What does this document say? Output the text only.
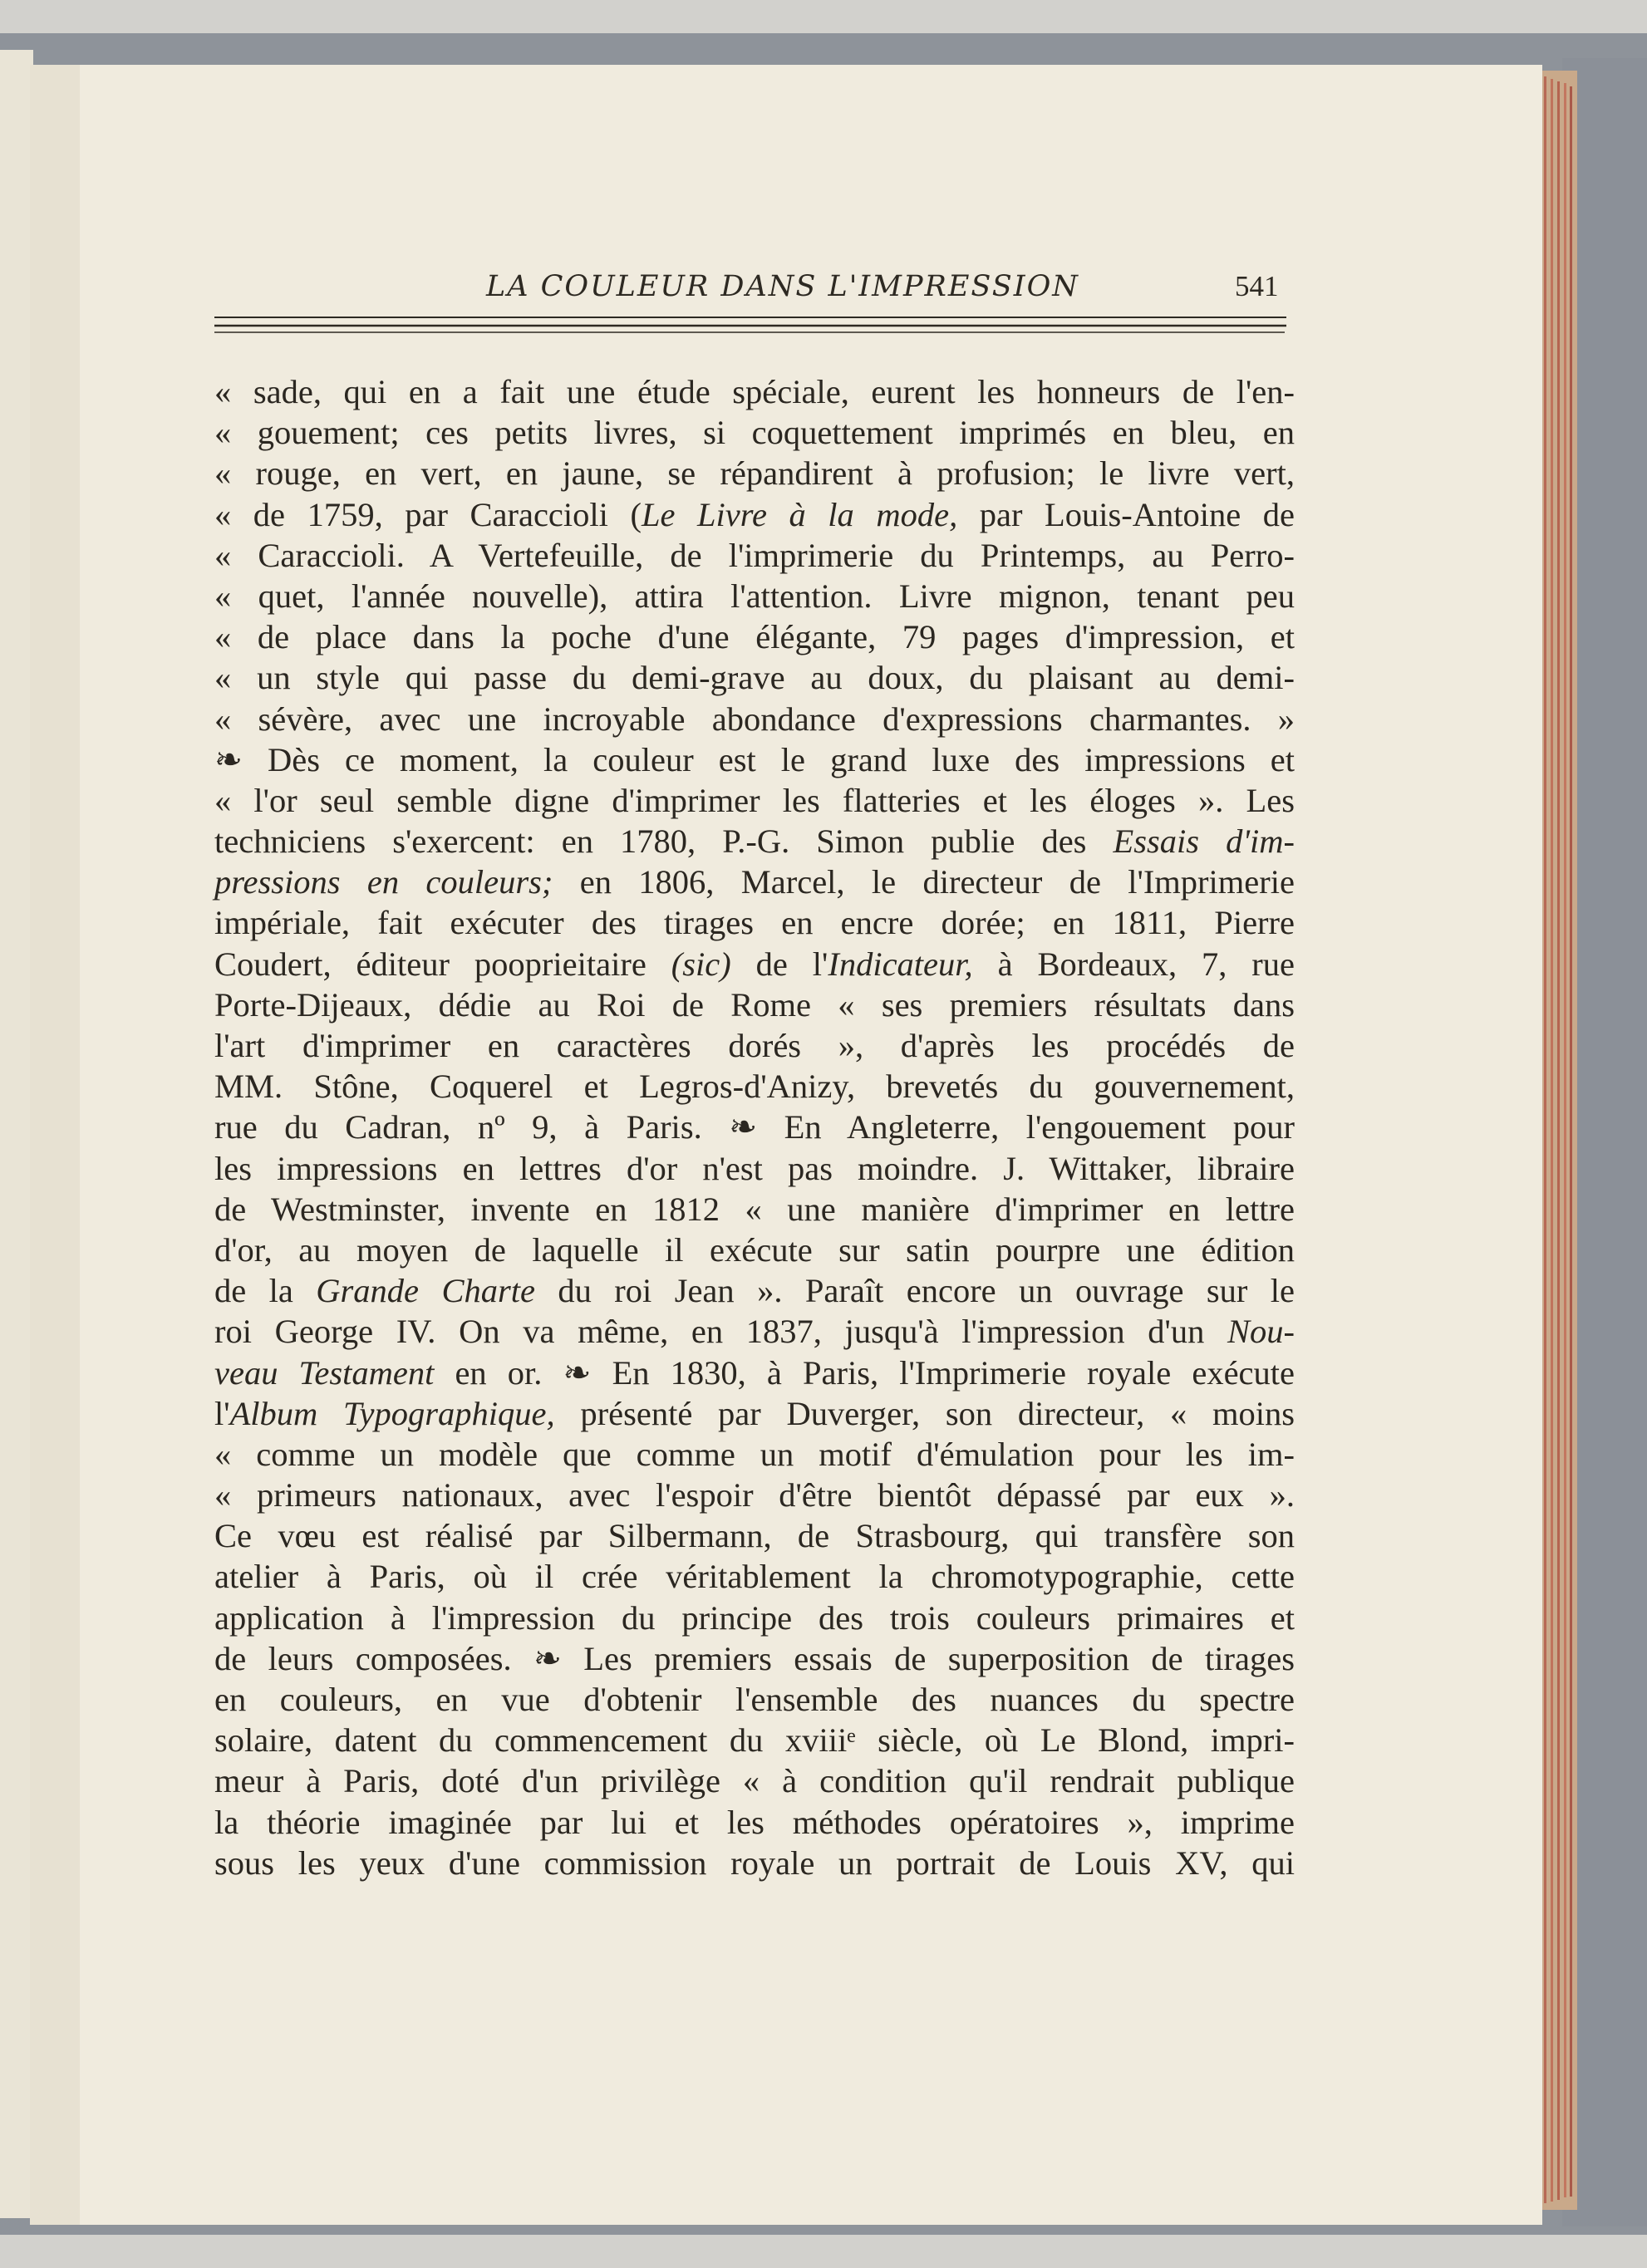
LA COULEUR DANS L'IMPRESSION	541
« sade, qui en a fait une étude spéciale, eurent les honneurs de l'en-
« gouement; ces petits livres, si coquettement imprimés en bleu, en
« rouge, en vert, en jaune, se répandirent à profusion; le livre vert,
« de 1759, par Caraccioli (Le Livre à la mode, par Louis-Antoine de
« Caraccioli. A Vertefeuille, de l'imprimerie du Printemps, au Perro-
« quet, l'année nouvelle), attira l'attention. Livre mignon, tenant peu
« de place dans la poche d'une élégante, 79 pages d'impression, et
« un style qui passe du demi-grave au doux, du plaisant au demi-
« sévère, avec une incroyable abondance d'expressions charmantes. »
❧ Dès ce moment, la couleur est le grand luxe des impressions et
« l'or seul semble digne d'imprimer les flatteries et les éloges ». Les
techniciens s'exercent: en 1780, P.-G. Simon publie des Essais d'im-
pressions en couleurs; en 1806, Marcel, le directeur de l'Imprimerie
impériale, fait exécuter des tirages en encre dorée; en 1811, Pierre
Coudert, éditeur pooprieitaire (sic) de l'Indicateur, à Bordeaux, 7, rue
Porte-Dijeaux, dédie au Roi de Rome « ses premiers résultats dans
l'art d'imprimer en caractères dorés », d'après les procédés de
MM. Stône, Coquerel et Legros-d'Anizy, brevetés du gouvernement,
rue du Cadran, nº 9, à Paris. ❧ En Angleterre, l'engouement pour
les impressions en lettres d'or n'est pas moindre. J. Wittaker, libraire
de Westminster, invente en 1812 « une manière d'imprimer en lettre
d'or, au moyen de laquelle il exécute sur satin pourpre une édition
de la Grande Charte du roi Jean ». Paraît encore un ouvrage sur le
roi George IV. On va même, en 1837, jusqu'à l'impression d'un Nou-
veau Testament en or. ❧ En 1830, à Paris, l'Imprimerie royale exécute
l'Album Typographique, présenté par Duverger, son directeur, « moins
« comme un modèle que comme un motif d'émulation pour les im-
« primeurs nationaux, avec l'espoir d'être bientôt dépassé par eux ».
Ce vœu est réalisé par Silbermann, de Strasbourg, qui transfère son
atelier à Paris, où il crée véritablement la chromotypographie, cette
application à l'impression du principe des trois couleurs primaires et
de leurs composées. ❧ Les premiers essais de superposition de tirages
en couleurs, en vue d'obtenir l'ensemble des nuances du spectre
solaire, datent du commencement du xviiiᵉ siècle, où Le Blond, impri-
meur à Paris, doté d'un privilège « à condition qu'il rendrait publique
la théorie imaginée par lui et les méthodes opératoires », imprime
sous les yeux d'une commission royale un portrait de Louis XV, qui
